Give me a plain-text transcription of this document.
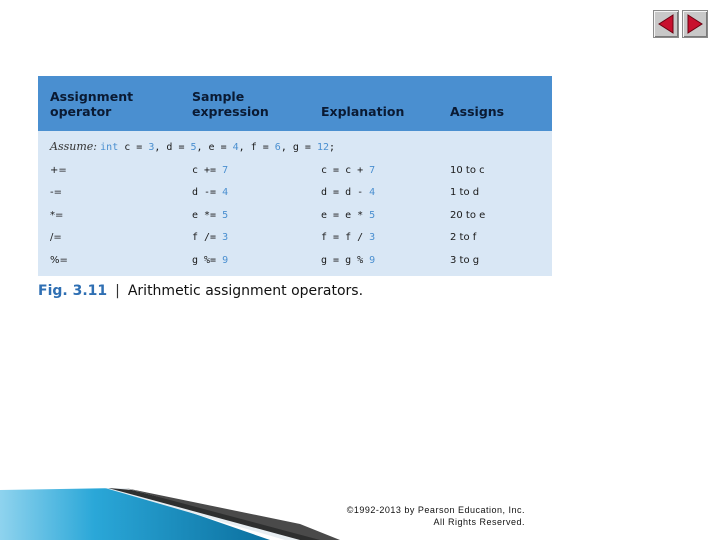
Assignment
operator	Sample
expression	Explanation	Assigns
Assume: int c = 3, d = 5, e = 4, f = 6, g = 12;			
+=	c += 7	c = c + 7	10 to c
-=	d -= 4	d = d - 4	1 to d
*=	e *= 5	e = e * 5	20 to e
/=	f /= 3	f = f / 3	2 to f
%=	g %= 9	g = g % 9	3 to g
Fig. 3.11 | Arithmetic assignment operators.
©1992-2013 by Pearson Education, Inc.
All Rights Reserved.
